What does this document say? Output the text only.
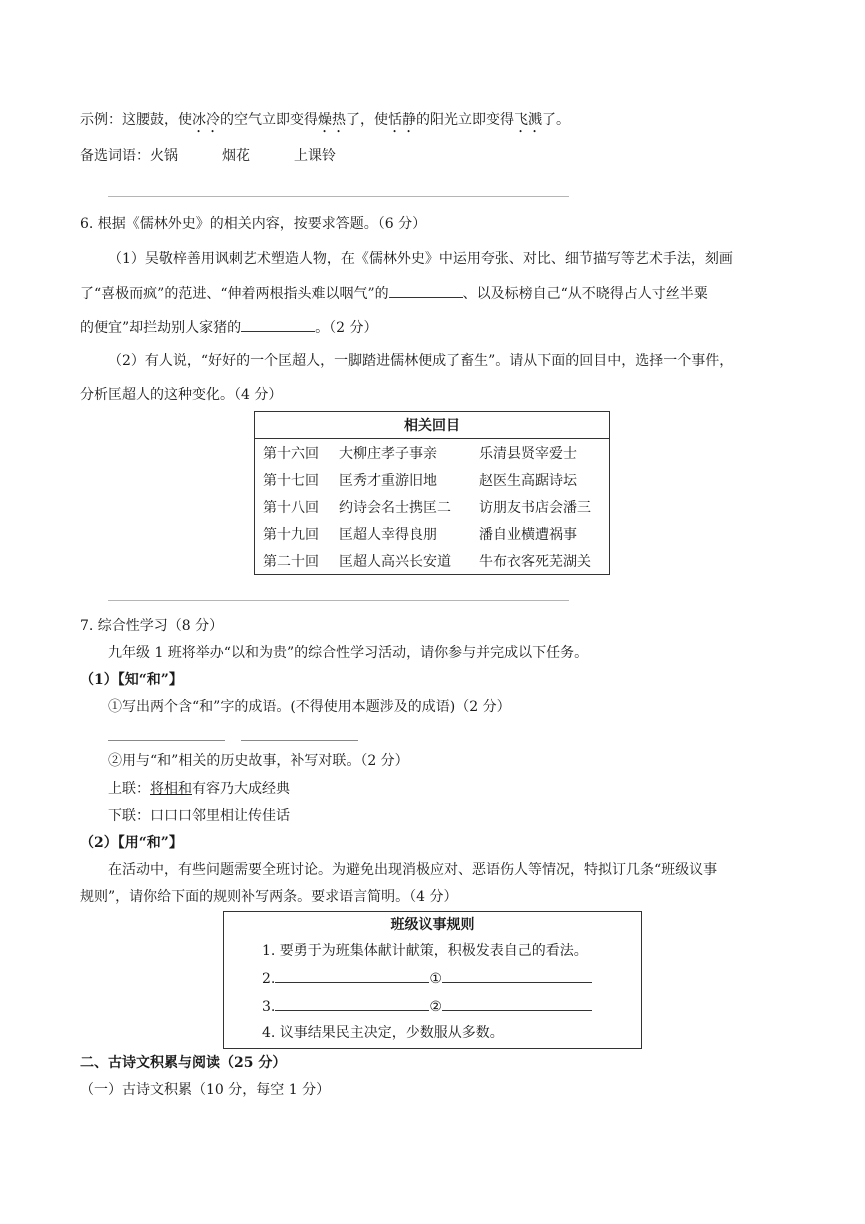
示例：这腰鼓，使冰冷的空气立即变得燥热了，使恬静的阳光立即变得飞溅了。
备选词语：火锅	烟花	上课铃
6. 根据《儒林外史》的相关内容，按要求答题。（6 分）
（1）吴敬梓善用讽刺艺术塑造人物，在《儒林外史》中运用夸张、对比、细节描写等艺术手法，刻画
了“喜极而疯”的范进、“伸着两根指头难以咽气”的	、以及标榜自己“从不晓得占人寸丝半粟
的便宜”却拦劫别人家猪的	。（2 分）
（2）有人说，“好好的一个匡超人，一脚踏进儒林便成了畜生”。请从下面的回目中，选择一个事件，
分析匡超人的这种变化。（4 分）
相关回目		
第十六回	大柳庄孝子事亲	乐清县贤宰爱士
第十七回	匡秀才重游旧地	赵医生高踞诗坛
第十八回	约诗会名士携匡二	访朋友书店会潘三
第十九回	匡超人幸得良朋	潘自业横遭祸事
第二十回	匡超人高兴长安道	牛布衣客死芜湖关
7. 综合性学习（8 分）
九年级 1 班将举办“以和为贵”的综合性学习活动，请你参与并完成以下任务。
（1）【知“和”】
①写出两个含“和”字的成语。(不得使用本题涉及的成语)（2 分）
②用与“和”相关的历史故事，补写对联。（2 分）
上联：将相和有容乃大成经典
下联：口口口邻里相让传佳话
（2）【用“和”】
在活动中，有些问题需要全班讨论。为避免出现消极应对、恶语伤人等情况，特拟订几条“班级议事
规则”，请你给下面的规则补写两条。要求语言简明。（4 分）
班级议事规则
1. 要勇于为班集体献计献策，积极发表自己的看法。
2.	①
3.	②
4. 议事结果民主决定，少数服从多数。
二、古诗文积累与阅读（25 分）
（一）古诗文积累（10 分，每空 1 分）
